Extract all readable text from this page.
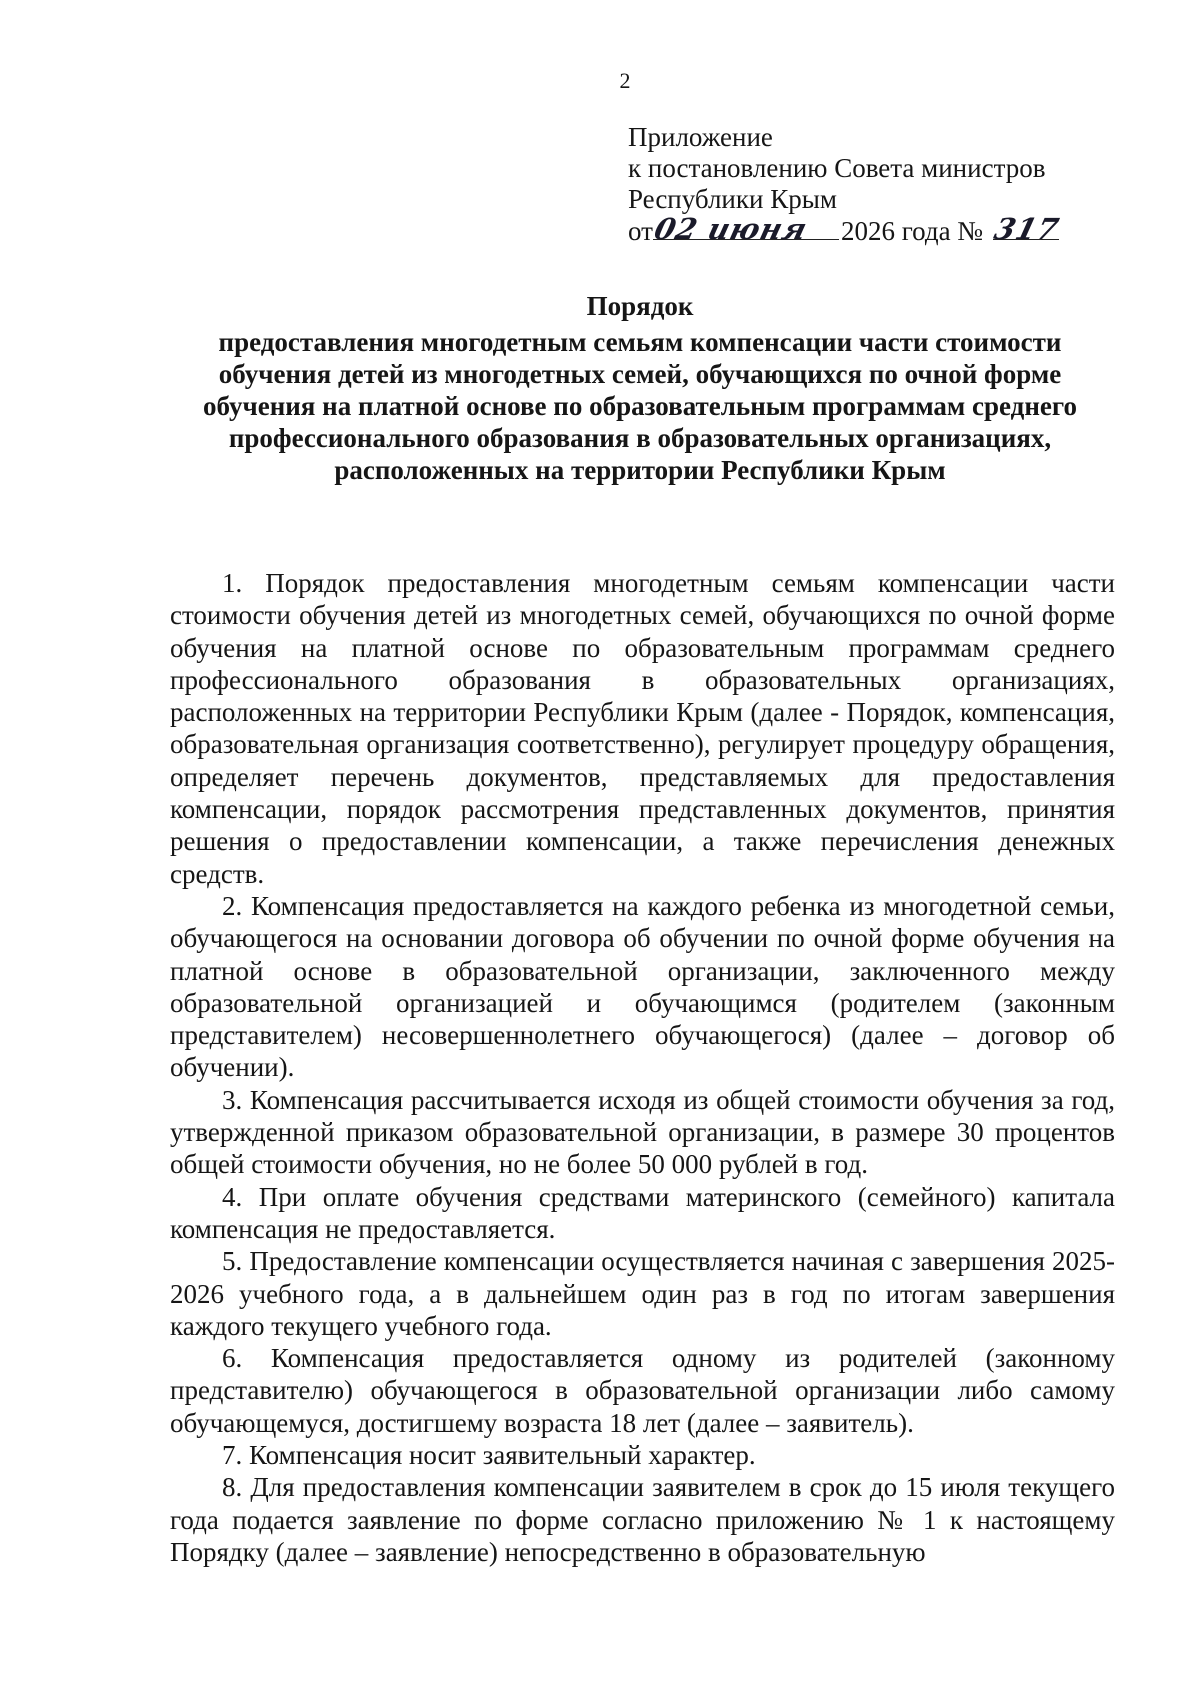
2
Приложение
к постановлению Совета министров
Республики Крым
от
02 июня 2026 года № 317
Порядок
предоставления многодетным семьям компенсации части стоимости
обучения детей из многодетных семей, обучающихся по очной форме
обучения на платной основе по образовательным программам среднего
профессионального образования в образовательных организациях,
расположенных на территории Республики Крым

1. Порядок предоставления многодетным семьям компенсации части стоимости обучения детей из многодетных семей, обучающихся по очной форме обучения на платной основе по образовательным программам среднего профессионального образования в образовательных организациях, расположенных на территории Республики Крым (далее - Порядок, компенсация, образовательная организация соответственно), регулирует процедуру обращения, определяет перечень документов, представляемых для предоставления компенсации, порядок рассмотрения представленных документов, принятия решения о предоставлении компенсации, а также перечисления денежных средств.

2. Компенсация предоставляется на каждого ребенка из многодетной семьи, обучающегося на основании договора об обучении по очной форме обучения на платной основе в образовательной организации, заключенного между образовательной организацией и обучающимся (родителем (законным представителем) несовершеннолетнего обучающегося) (далее – договор об обучении).

3. Компенсация рассчитывается исходя из общей стоимости обучения за год, утвержденной приказом образовательной организации, в размере 30 процентов общей стоимости обучения, но не более 50 000 рублей в год.

4. При оплате обучения средствами материнского (семейного) капитала компенсация не предоставляется.

5. Предоставление компенсации осуществляется начиная с завершения 2025-2026 учебного года, а в дальнейшем один раз в год по итогам завершения каждого текущего учебного года.

6. Компенсация предоставляется одному из родителей (законному представителю) обучающегося в образовательной организации либо самому обучающемуся, достигшему возраста 18 лет (далее – заявитель).

7. Компенсация носит заявительный характер.

8. Для предоставления компенсации заявителем в срок до 15 июля текущего года подается заявление по форме согласно приложению № 1 к настоящему Порядку (далее – заявление) непосредственно в образовательную
